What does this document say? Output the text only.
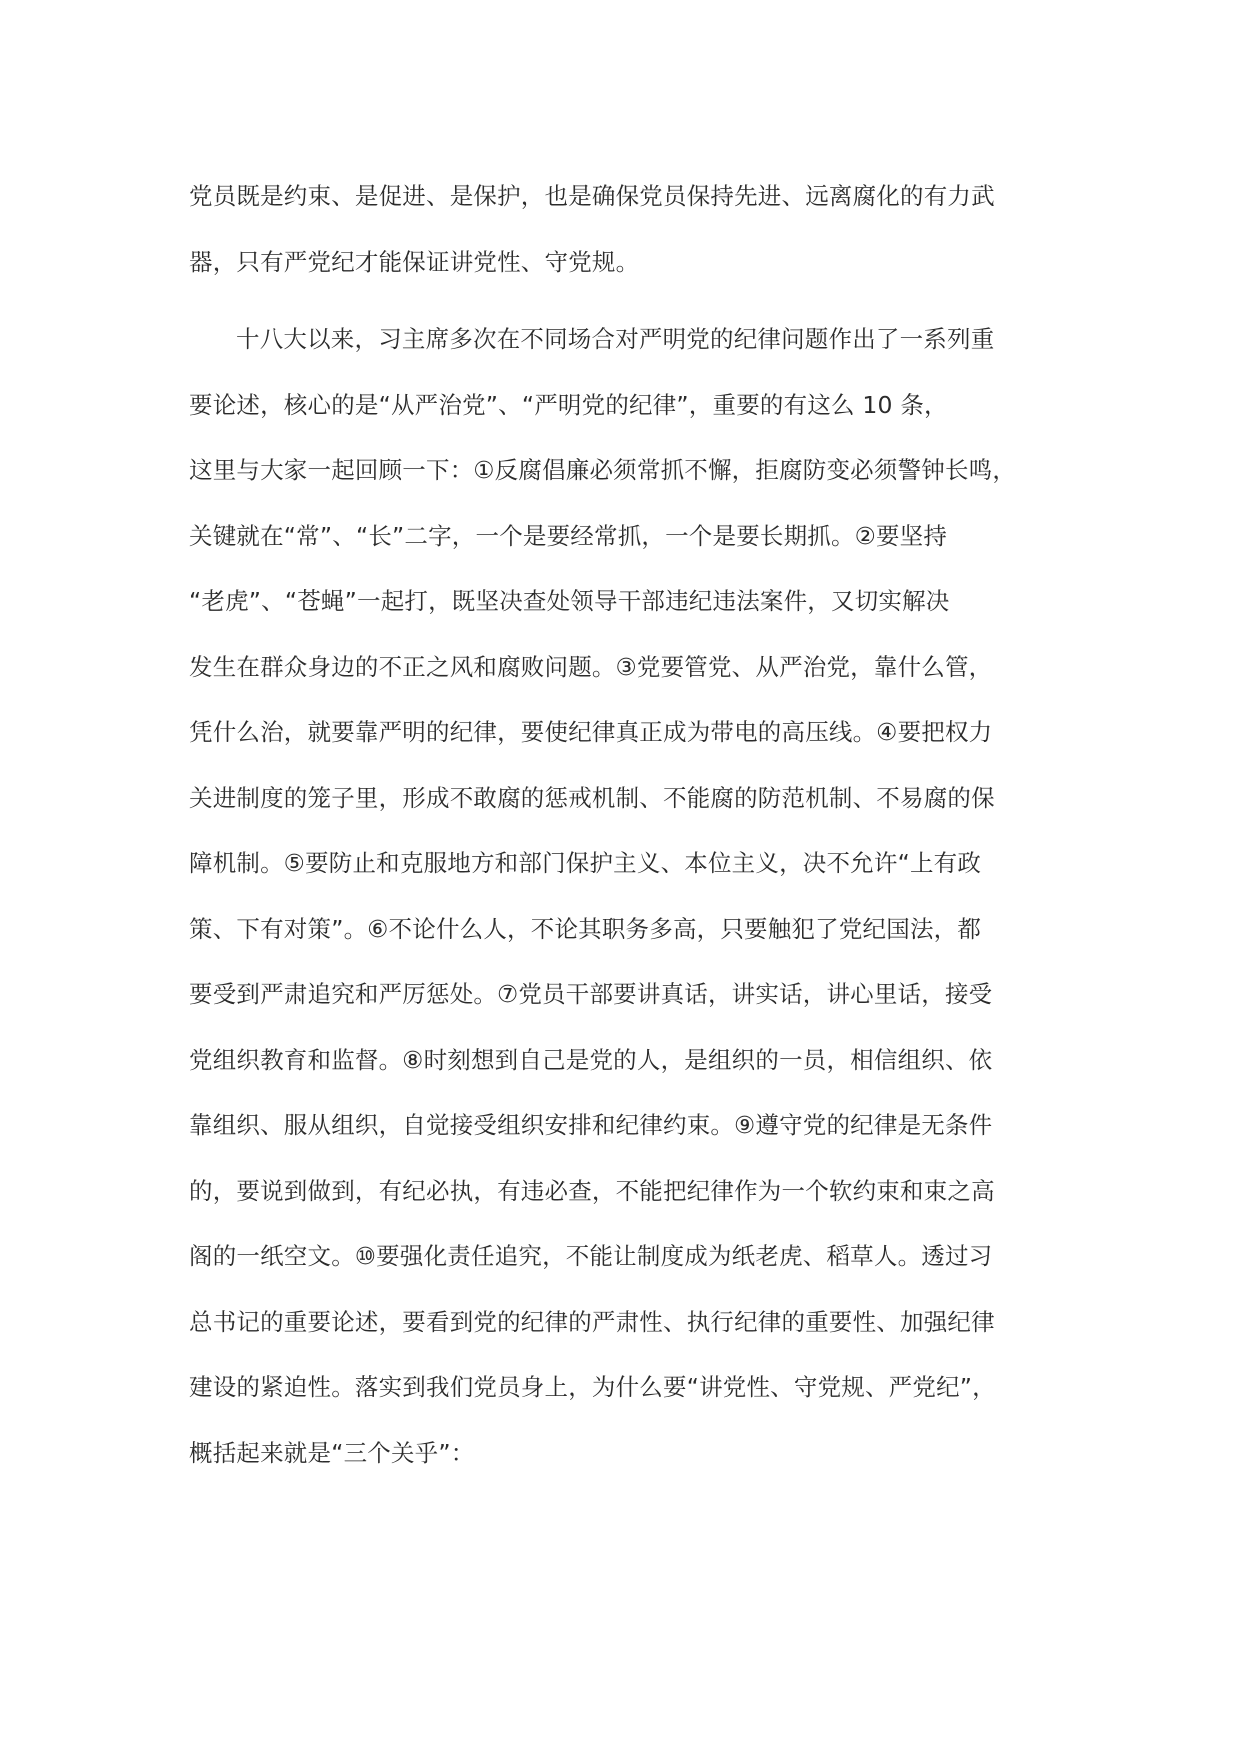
党员既是约束、是促进、是保护，也是确保党员保持先进、远离腐化的有力武
器，只有严党纪才能保证讲党性、守党规。
十八大以来，习主席多次在不同场合对严明党的纪律问题作出了一系列重
要论述，核心的是“从严治党”、“严明党的纪律”，重要的有这么 10 条，
这里与大家一起回顾一下：①反腐倡廉必须常抓不懈，拒腐防变必须警钟长鸣，
关键就在“常”、“长”二字，一个是要经常抓，一个是要长期抓。②要坚持
“老虎”、“苍蝇”一起打，既坚决查处领导干部违纪违法案件，又切实解决
发生在群众身边的不正之风和腐败问题。③党要管党、从严治党，靠什么管，
凭什么治，就要靠严明的纪律，要使纪律真正成为带电的高压线。④要把权力
关进制度的笼子里，形成不敢腐的惩戒机制、不能腐的防范机制、不易腐的保
障机制。⑤要防止和克服地方和部门保护主义、本位主义，决不允许“上有政
策、下有对策”。⑥不论什么人，不论其职务多高，只要触犯了党纪国法，都
要受到严肃追究和严厉惩处。⑦党员干部要讲真话，讲实话，讲心里话，接受
党组织教育和监督。⑧时刻想到自己是党的人，是组织的一员，相信组织、依
靠组织、服从组织，自觉接受组织安排和纪律约束。⑨遵守党的纪律是无条件
的，要说到做到，有纪必执，有违必查，不能把纪律作为一个软约束和束之高
阁的一纸空文。⑩要强化责任追究，不能让制度成为纸老虎、稻草人。透过习
总书记的重要论述，要看到党的纪律的严肃性、执行纪律的重要性、加强纪律
建设的紧迫性。落实到我们党员身上，为什么要“讲党性、守党规、严党纪”，
概括起来就是“三个关乎”：
